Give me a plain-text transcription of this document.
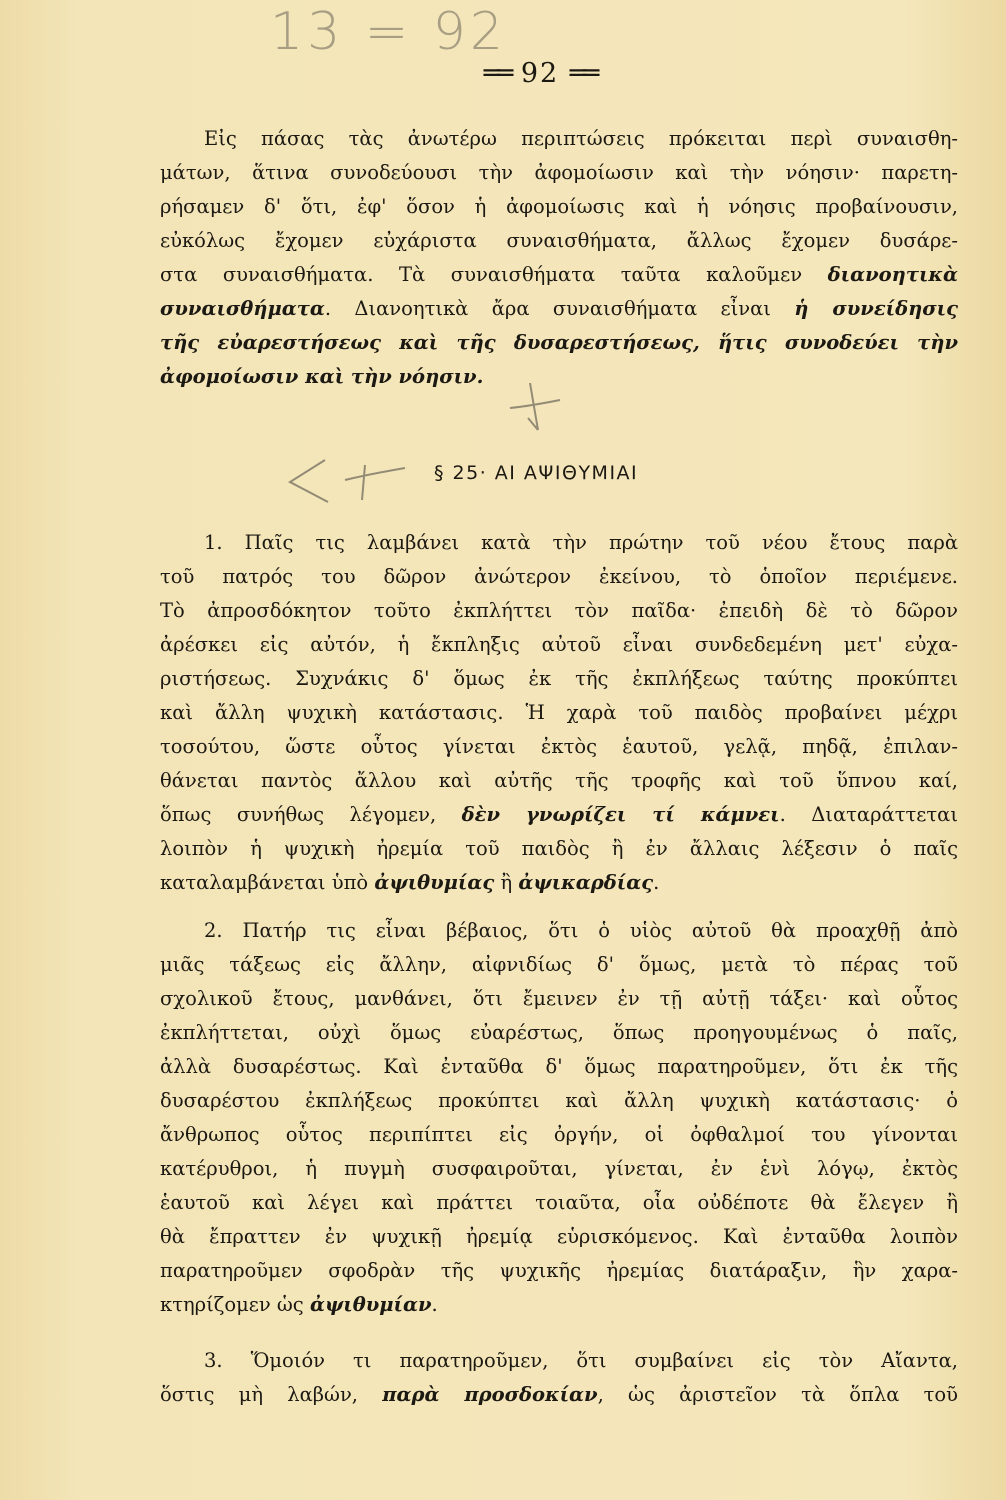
13 = 92
══ 92 ══
Εἰς πάσας τὰς ἀνωτέρω περιπτώσεις πρόκειται περὶ συναισθη-
μάτων, ἅτινα συνοδεύουσι τὴν ἀφομοίωσιν καὶ τὴν νόησιν· παρετη-
ρήσαμεν δ' ὅτι, ἐφ' ὅσον ἡ ἀφομοίωσις καὶ ἡ νόησις προβαίνουσιν,
εὐκόλως ἔχομεν εὐχάριστα συναισθήματα, ἄλλως ἔχομεν δυσάρε-
στα συναισθήματα. Τὰ συναισθήματα ταῦτα καλοῦμεν διανοητικὰ
συναισθήματα. Διανοητικὰ ἄρα συναισθήματα εἶναι ἡ συνείδησις
τῆς εὐαρεστήσεως καὶ τῆς δυσαρεστήσεως, ἥτις συνοδεύει τὴν
ἀφομοίωσιν καὶ τὴν νόησιν.
§ 25· ΑΙ ΑΨΙΘΥΜΙΑΙ
1. Παῖς τις λαμβάνει κατὰ τὴν πρώτην τοῦ νέου ἔτους παρὰ
τοῦ πατρός του δῶρον ἀνώτερον ἐκείνου, τὸ ὁποῖον περιέμενε.
Τὸ ἀπροσδόκητον τοῦτο ἐκπλήττει τὸν παῖδα· ἐπειδὴ δὲ τὸ δῶρον
ἀρέσκει εἰς αὐτόν, ἡ ἔκπληξις αὐτοῦ εἶναι συνδεδεμένη μετ' εὐχα-
ριστήσεως. Συχνάκις δ' ὅμως ἐκ τῆς ἐκπλήξεως ταύτης προκύπτει
καὶ ἄλλη ψυχικὴ κατάστασις. Ἡ χαρὰ τοῦ παιδὸς προβαίνει μέχρι
τοσούτου, ὥστε οὗτος γίνεται ἐκτὸς ἑαυτοῦ, γελᾷ, πηδᾷ, ἐπιλαν-
θάνεται παντὸς ἄλλου καὶ αὐτῆς τῆς τροφῆς καὶ τοῦ ὕπνου καί,
ὅπως συνήθως λέγομεν, δὲν γνωρίζει τί κάμνει. Διαταράττεται
λοιπὸν ἡ ψυχικὴ ἠρεμία τοῦ παιδὸς ἢ ἐν ἄλλαις λέξεσιν ὁ παῖς
καταλαμβάνεται ὑπὸ ἀψιθυμίας ἢ ἀψικαρδίας.
2. Πατήρ τις εἶναι βέβαιος, ὅτι ὁ υἱὸς αὐτοῦ θὰ προαχθῇ ἀπὸ
μιᾶς τάξεως εἰς ἄλλην, αἰφνιδίως δ' ὅμως, μετὰ τὸ πέρας τοῦ
σχολικοῦ ἔτους, μανθάνει, ὅτι ἔμεινεν ἐν τῇ αὐτῇ τάξει· καὶ οὗτος
ἐκπλήττεται, οὐχὶ ὅμως εὐαρέστως, ὅπως προηγουμένως ὁ παῖς,
ἀλλὰ δυσαρέστως. Καὶ ἐνταῦθα δ' ὅμως παρατηροῦμεν, ὅτι ἐκ τῆς
δυσαρέστου ἐκπλήξεως προκύπτει καὶ ἄλλη ψυχικὴ κατάστασις· ὁ
ἄνθρωπος οὗτος περιπίπτει εἰς ὀργήν, οἱ ὀφθαλμοί του γίνονται
κατέρυθροι, ἡ πυγμὴ συσφαιροῦται, γίνεται, ἐν ἑνὶ λόγῳ, ἐκτὸς
ἑαυτοῦ καὶ λέγει καὶ πράττει τοιαῦτα, οἷα οὐδέποτε θὰ ἔλεγεν ἢ
θὰ ἔπραττεν ἐν ψυχικῇ ἠρεμίᾳ εὑρισκόμενος. Καὶ ἐνταῦθα λοιπὸν
παρατηροῦμεν σφοδρὰν τῆς ψυχικῆς ἠρεμίας διατάραξιν, ἣν χαρα-
κτηρίζομεν ὡς ἀψιθυμίαν.
3. Ὅμοιόν τι παρατηροῦμεν, ὅτι συμβαίνει εἰς τὸν Αἴαντα,
ὅστις μὴ λαβών, παρὰ προσδοκίαν, ὡς ἀριστεῖον τὰ ὅπλα τοῦ
